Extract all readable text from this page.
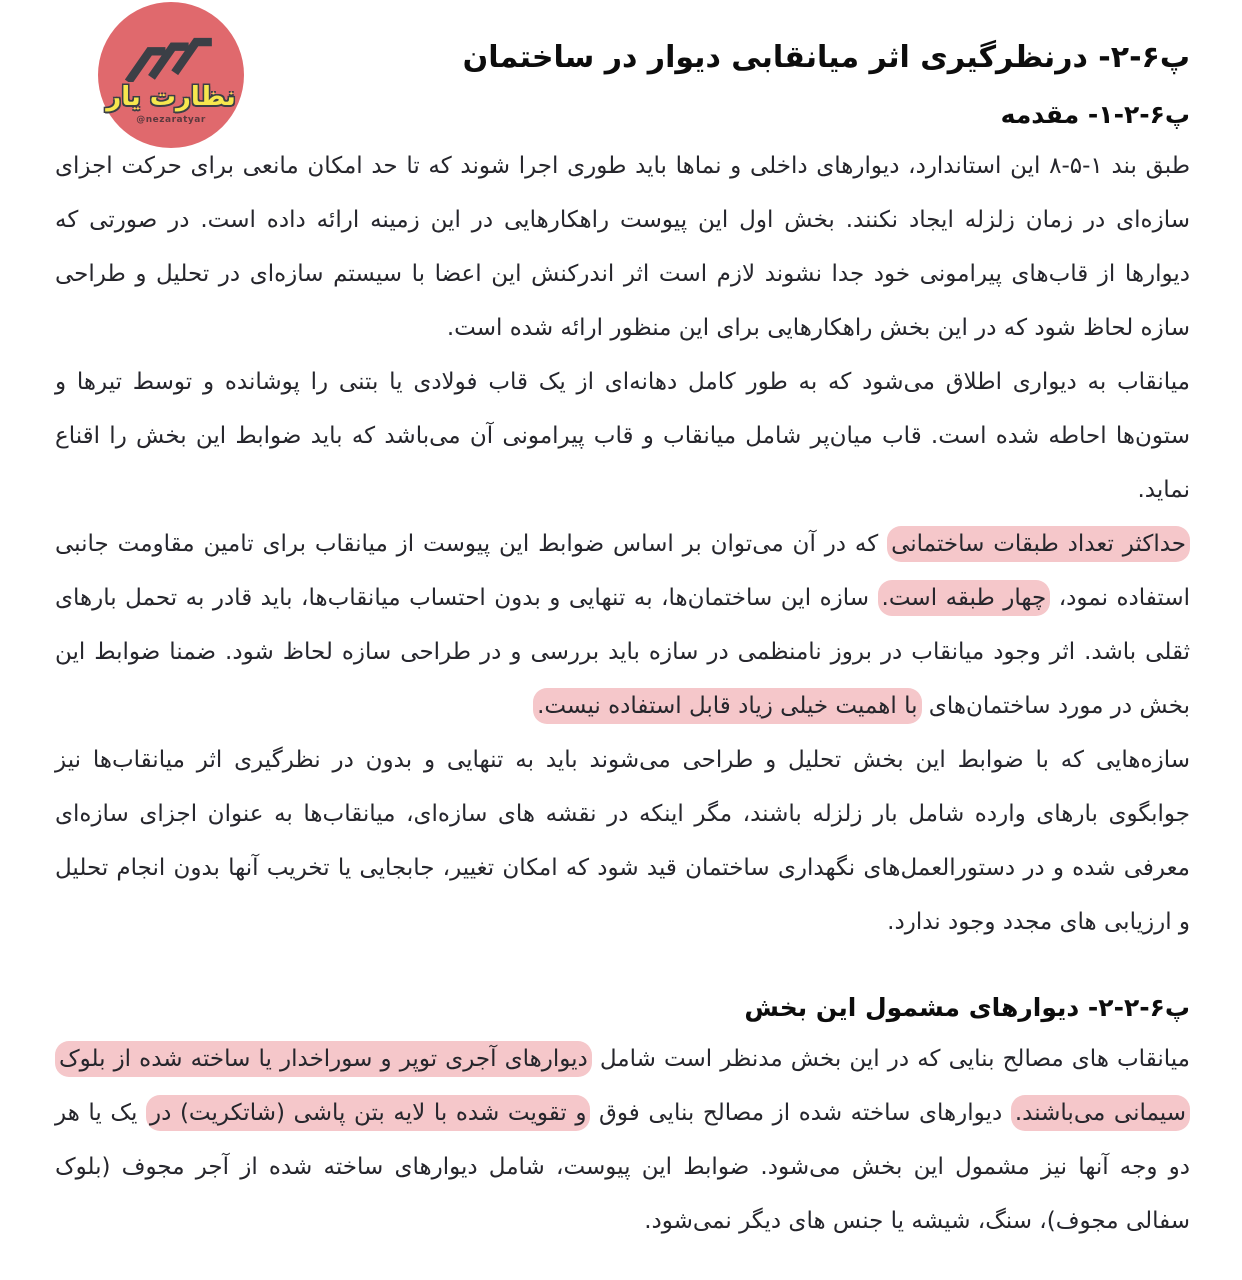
نظارت یار
@nezaratyar
پ۶-۲- درنظرگیری اثر میانقابی دیوار در ساختمان
پ۶-۲-۱- مقدمه

طبق بند ۱-۵-۸ این استاندارد، دیوارهای داخلی و نماها باید طوری اجرا شوند که تا حد امکان مانعی برای حرکت اجزای سازه‌ای در زمان زلزله ایجاد نکنند. بخش اول این پیوست راهکارهایی در این زمینه ارائه داده است. در صورتی که دیوارها از قاب‌های پیرامونی خود جدا نشوند لازم است اثر اندرکنش این اعضا با سیستم سازه‌ای در تحلیل و طراحی سازه لحاظ شود که در این بخش راهکارهایی برای این منظور ارائه شده است.

میانقاب به دیواری اطلاق می‌شود که به طور کامل دهانه‌ای از یک قاب فولادی یا بتنی را پوشانده و توسط تیرها و ستون‌ها احاطه شده است. قاب میان‌پر شامل میانقاب و قاب پیرامونی آن می‌باشد که باید ضوابط این بخش را اقناع نماید.

حداکثر تعداد طبقات ساختمانی که در آن می‌توان بر اساس ضوابط این پیوست از میانقاب برای تامین مقاومت جانبی استفاده نمود، چهار طبقه است. سازه این ساختمان‌ها، به تنهایی و بدون احتساب میانقاب‌ها، باید قادر به تحمل بارهای ثقلی باشد. اثر وجود میانقاب در بروز نامنظمی در سازه باید بررسی و در طراحی سازه لحاظ شود. ضمنا ضوابط این بخش در مورد ساختمان‌های با اهمیت خیلی زیاد قابل استفاده نیست.

سازه‌هایی که با ضوابط این بخش تحلیل و طراحی می‌شوند باید به تنهایی و بدون در نظرگیری اثر میانقاب‌ها نیز جوابگوی بارهای وارده شامل بار زلزله باشند، مگر اینکه در نقشه های سازه‌ای، میانقاب‌ها به عنوان اجزای سازه‌ای معرفی شده و در دستورالعمل‌های نگهداری ساختمان قید شود که امکان تغییر، جابجایی یا تخریب آنها بدون انجام تحلیل و ارزیابی های مجدد وجود ندارد.

پ۶-۲-۲- دیوارهای مشمول این بخش

میانقاب های مصالح بنایی که در این بخش مدنظر است شامل دیوارهای آجری توپر و سوراخدار یا ساخته شده از بلوک سیمانی می‌باشند. دیوارهای ساخته شده از مصالح بنایی فوق و تقویت شده با لایه بتن پاشی (شاتکریت) در یک یا هر دو وجه آنها نیز مشمول این بخش می‌شود. ضوابط این پیوست، شامل دیوارهای ساخته شده از آجر مجوف (بلوک سفالی مجوف)، سنگ، شیشه یا جنس های دیگر نمی‌شود.
